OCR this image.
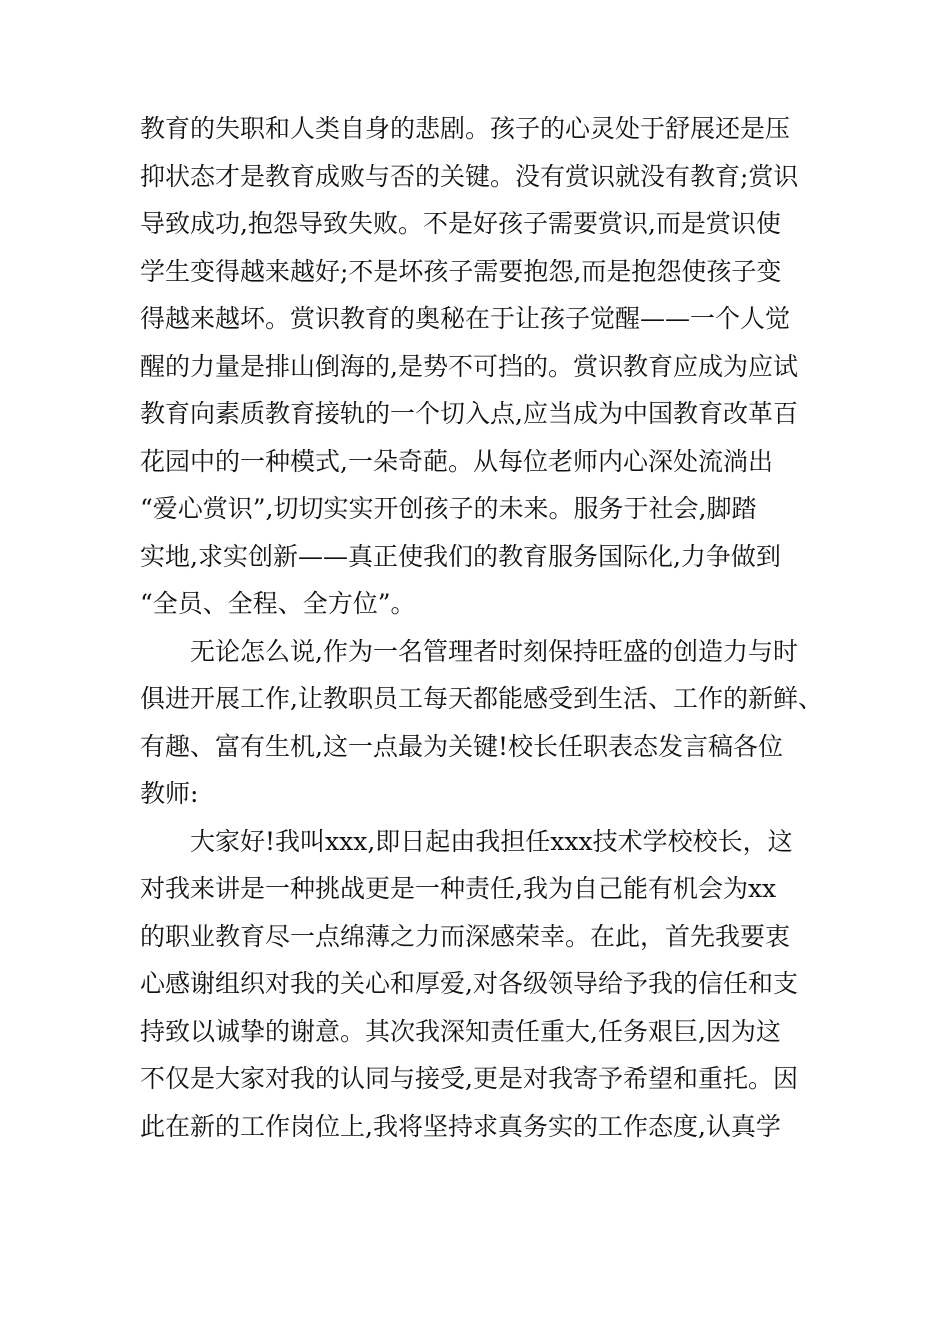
教育的失职和人类自身的悲剧。孩子的心灵处于舒展还是压
抑状态才是教育成败与否的关键。没有赏识就没有教育;赏识
导致成功,抱怨导致失败。不是好孩子需要赏识,而是赏识使
学生变得越来越好;不是坏孩子需要抱怨,而是抱怨使孩子变
得越来越坏。赏识教育的奥秘在于让孩子觉醒——一个人觉
醒的力量是排山倒海的,是势不可挡的。赏识教育应成为应试
教育向素质教育接轨的一个切入点,应当成为中国教育改革百
花园中的一种模式,一朵奇葩。从每位老师内心深处流淌出
“爱心赏识”,切切实实开创孩子的未来。服务于社会,脚踏
实地,求实创新——真正使我们的教育服务国际化,力争做到
“全员、全程、全方位”。
无论怎么说,作为一名管理者时刻保持旺盛的创造力与时
俱进开展工作,让教职员工每天都能感受到生活、工作的新鲜、
有趣、富有生机,这一点最为关键!校长任职表态发言稿各位
教师:
大家好!我叫xxx,即日起由我担任xxx技术学校校长，这
对我来讲是一种挑战更是一种责任,我为自己能有机会为xx
的职业教育尽一点绵薄之力而深感荣幸。在此，首先我要衷
心感谢组织对我的关心和厚爱,对各级领导给予我的信任和支
持致以诚挚的谢意。其次我深知责任重大,任务艰巨,因为这
不仅是大家对我的认同与接受,更是对我寄予希望和重托。因
此在新的工作岗位上,我将坚持求真务实的工作态度,认真学
